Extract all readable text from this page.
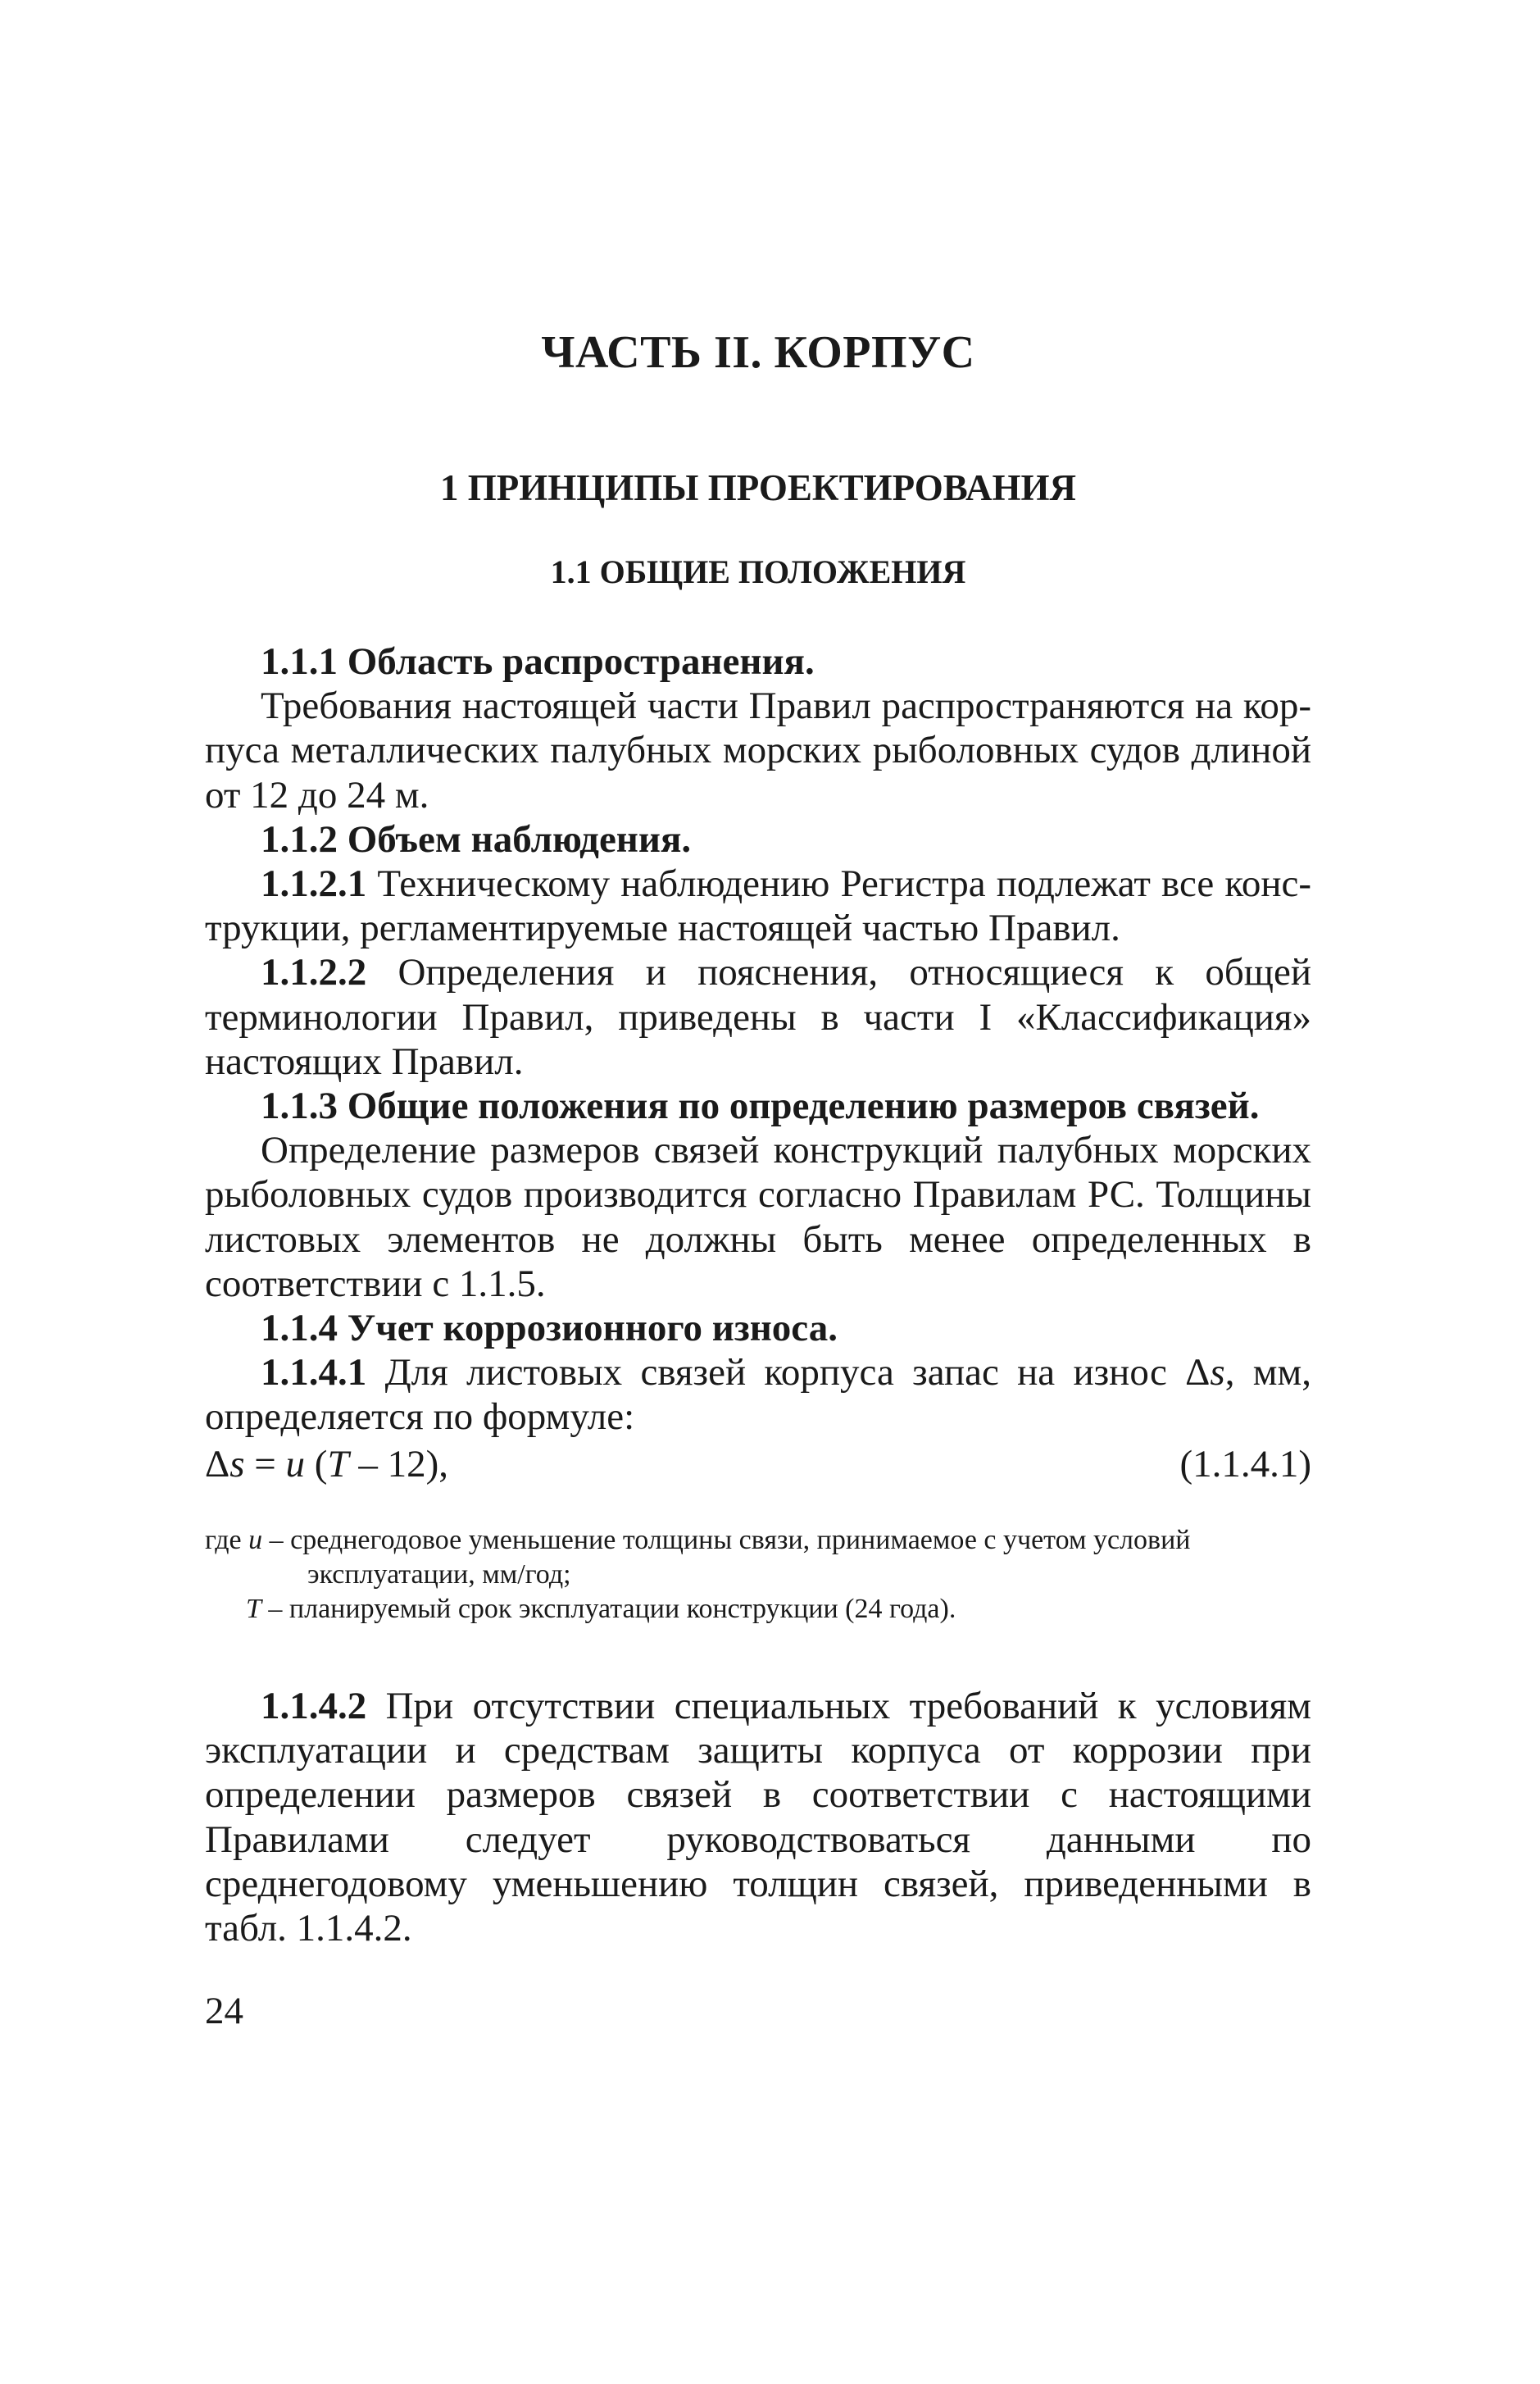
ЧАСТЬ II. КОРПУС
1 ПРИНЦИПЫ ПРОЕКТИРОВАНИЯ
1.1 ОБЩИЕ ПОЛОЖЕНИЯ

1.1.1 Область распространения.

Требования настоящей части Правил распространяются на корпуса металлических палубных морских рыболовных судов длиной от 12 до 24 м.

1.1.2 Объем наблюдения.

1.1.2.1 Техническому наблюдению Регистра подлежат все конструкции, регламентируемые настоящей частью Правил.

1.1.2.2 Определения и пояснения, относящиеся к общей терминологии Правил, приведены в части I «Классификация» настоящих Правил.

1.1.3 Общие положения по определению размеров связей.

Определение размеров связей конструкций палубных морских рыболовных судов производится согласно Правилам РС. Толщины листовых элементов не должны быть менее определенных в соответствии с 1.1.5.

1.1.4 Учет коррозионного износа.

1.1.4.1 Для листовых связей корпуса запас на износ Δs, мм, определяется по формуле:

Δs = u (T – 12),	(1.1.4.1)

где u – среднегодовое уменьшение толщины связи, принимаемое с учетом условий

эксплуатации, мм/год;

T – планируемый срок эксплуатации конструкции (24 года).

1.1.4.2 При отсутствии специальных требований к условиям эксплуатации и средствам защиты корпуса от коррозии при определении размеров связей в соответствии с настоящими Правилами следует руководствоваться данными по среднегодовому уменьшению толщин связей, приведенными в табл. 1.1.4.2.

24
